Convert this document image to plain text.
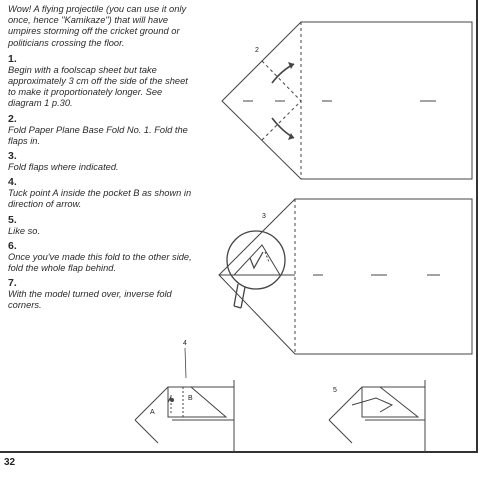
Wow! A flying projectile (you can use it only once, hence "Kamikaze") that will have umpires storming off the cricket ground or politicians crossing the floor.

1.
Begin with a foolscap sheet but take approximately 3 cm off the side of the sheet to make it proportionately longer. See diagram 1 p.30.
2.
Fold Paper Plane Base Fold No. 1. Fold the flaps in.
3.
Fold flaps where indicated.
4.
Tuck point A inside the pocket B as shown in direction of arrow.
5.
Like so.
6.
Once you've made this fold to the other side, fold the whole flap behind.
7.
With the model turned over, inverse fold corners.
2
3
4
A
B
5
32
